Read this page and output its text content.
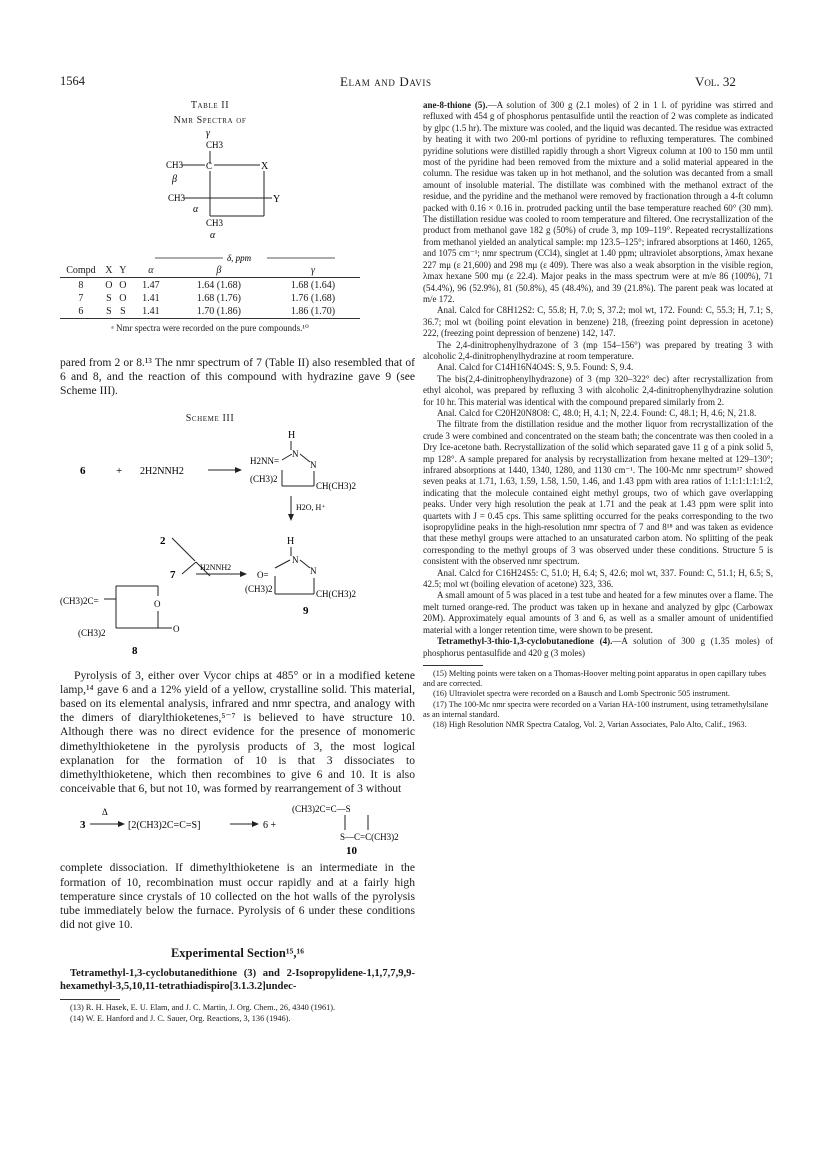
1564	Elam and Davis	Vol. 32
Table II
Nmr Spectra of
γ
CH3
CH3	C	X
β
CH3	Y
α
CH3
α

δ, ppm		

Compd	X	Y	α	β	γ

8	O	O	1.47	1.64 (1.68)	1.68 (1.64)
7	S	O	1.41	1.68 (1.76)	1.76 (1.68)
6	S	S	1.41	1.70 (1.86)	1.86 (1.70)

ᵃ Nmr spectra were recorded on the pure compounds.¹⁰
pared from 2 or 8.¹³ The nmr spectrum of 7 (Table II) also resembled that of 6 and 8, and the reaction of this compound with hydrazine gave 9 (see Scheme III).
Scheme III
6	+ 2H2NNH2
H
N
H2NN=	N
(CH3)2
CH(CH3)2
H2O, H⁺
2
7
H2NNH2
H
N
O=	N
(CH3)2	CH(CH3)2
9
(CH3)2C=	O
(CH3)2	O
8
Pyrolysis of 3, either over Vycor chips at 485° or in a modified ketene lamp,¹⁴ gave 6 and a 12% yield of a yellow, crystalline solid. This material, based on its elemental analysis, infrared and nmr spectra, and analogy with the dimers of diarylthioketenes,⁵⁻⁷ is believed to have structure 10. Although there was no direct evidence for the presence of monomeric dimethylthioketene in the pyrolysis products of 3, the most logical explanation for the formation of 10 is that 3 dissociates to dimethylthioketene, which then recombines to give 6 and 10. It is also conceivable that 6, but not 10, was formed by rearrangement of 3 without
Δ
3	[2(CH3)2C=C=S]	6 +
(CH3)2C=C—S
S—C=C(CH3)2
10
complete dissociation. If dimethylthioketene is an intermediate in the formation of 10, recombination must occur rapidly and at a fairly high temperature since crystals of 10 collected on the hot walls of the pyrolysis tube immediately below the furnace. Pyrolysis of 6 under these conditions did not give 10.
Experimental Section¹⁵,¹⁶
Tetramethyl-1,3-cyclobutanedithione (3) and 2-Isopropylidene-1,1,7,7,9,9-hexamethyl-3,5,10,11-tetrathiadispiro[3.1.3.2]undec-

(13) R. H. Hasek, E. U. Elam, and J. C. Martin, J. Org. Chem., 26, 4340 (1961).

(14) W. E. Hanford and J. C. Sauer, Org. Reactions, 3, 136 (1946).

ane-8-thione (5).—A solution of 300 g (2.1 moles) of 2 in 1 l. of pyridine was stirred and refluxed with 454 g of phosphorus pentasulfide until the reaction of 2 was complete as indicated by glpc (1.5 hr). The mixture was cooled, and the liquid was decanted. The residue was extracted by heating it with two 200-ml portions of pyridine to refluxing temperatures. The combined pyridine solutions were distilled rapidly through a short Vigreux column at 100 to 150 mm until most of the pyridine had been removed from the mixture and a solid material appeared in the column. The residue was taken up in hot methanol, and the solution was decanted from a small amount of insoluble material. The distillate was combined with the methanol extract of the residue, and the pyridine and the methanol were removed by fractionation through a 4-ft column packed with 0.16 × 0.16 in. protruded packing until the base temperature reached 60° (30 mm). The distillation residue was cooled to room temperature and filtered. One recrystallization of the product from methanol gave 182 g (50%) of crude 3, mp 109–119°. Repeated recrystallizations from methanol yielded an analytical sample: mp 123.5–125°; infrared absorptions at 1460, 1265, and 1075 cm⁻¹; nmr spectrum (CCl4), singlet at 1.40 ppm; ultraviolet absorptions, λmax hexane 227 mμ (ε 21,600) and 298 mμ (ε 409). There was also a weak absorption in the visible region, λmax hexane 500 mμ (ε 22.4). Major peaks in the mass spectrum were at m/e 86 (100%), 71 (54.4%), 96 (52.9%), 81 (50.8%), 45 (48.4%), and 39 (21.8%). The parent peak was located at m/e 172.

Anal. Calcd for C8H12S2: C, 55.8; H, 7.0; S, 37.2; mol wt, 172. Found: C, 55.3; H, 7.1; S, 36.7; mol wt (boiling point elevation in benzene) 218, (freezing point depression in acetone) 222, (freezing point depression of benzene) 142, 147.

The 2,4-dinitrophenylhydrazone of 3 (mp 154–156°) was prepared by treating 3 with alcoholic 2,4-dinitrophenylhydrazine at room temperature.

Anal. Calcd for C14H16N4O4S: S, 9.5. Found: S, 9.4.

The bis(2,4-dinitrophenylhydrazone) of 3 (mp 320–322° dec) after recrystallization from ethyl alcohol, was prepared by refluxing 3 with alcoholic 2,4-dinitrophenylhydrazine solution for 10 hr. This material was identical with the compound prepared similarly from 2.

Anal. Calcd for C20H20N8O8: C, 48.0; H, 4.1; N, 22.4. Found: C, 48.1; H, 4.6; N, 21.8.

The filtrate from the distillation residue and the mother liquor from recrystallization of the crude 3 were combined and concentrated on the steam bath; the concentrate was then cooled in a Dry Ice-acetone bath. Recrystallization of the solid which separated gave 11 g of a pink solid 5, mp 128°. A sample prepared for analysis by recrystallization from hexane melted at 129–130°; infrared absorptions at 1440, 1340, 1280, and 1130 cm⁻¹. The 100-Mc nmr spectrum¹⁷ showed seven peaks at 1.71, 1.63, 1.59, 1.58, 1.50, 1.46, and 1.43 ppm with area ratios of 1:1:1:1:1:1:2, indicating that the molecule contained eight methyl groups, two of which gave overlapping peaks. Under very high resolution the peak at 1.71 and the peak at 1.43 ppm were split into quartets with J = 0.45 cps. This same splitting occurred for the peaks corresponding to the two isopropylidine peaks in the high-resolution nmr spectra of 7 and 8¹⁸ and was taken as evidence that these methyl groups were attached to an unsaturated carbon atom. No splitting of the peak corresponding to the methyl groups of 3 was observed under these conditions. Structure 5 is consistent with the observed nmr spectrum.

Anal. Calcd for C16H24S5: C, 51.0; H, 6.4; S, 42.6; mol wt, 337. Found: C, 51.1; H, 6.5; S, 42.5; mol wt (boiling elevation of acetone) 323, 336.

A small amount of 5 was placed in a test tube and heated for a few minutes over a flame. The melt turned orange-red. The product was taken up in hexane and analyzed by glpc (Carbowax 20M). Approximately equal amounts of 3 and 6, as well as a smaller amount of unidentified material with a longer retention time, were shown to be present.

Tetramethyl-3-thio-1,3-cyclobutanedione (4).—A solution of 300 g (1.35 moles) of phosphorus pentasulfide and 420 g (3 moles)

(15) Melting points were taken on a Thomas-Hoover melting point apparatus in open capillary tubes and are corrected.

(16) Ultraviolet spectra were recorded on a Bausch and Lomb Spectronic 505 instrument.

(17) The 100-Mc nmr spectra were recorded on a Varian HA-100 instrument, using tetramethylsilane as an internal standard.

(18) High Resolution NMR Spectra Catalog, Vol. 2, Varian Associates, Palo Alto, Calif., 1963.
